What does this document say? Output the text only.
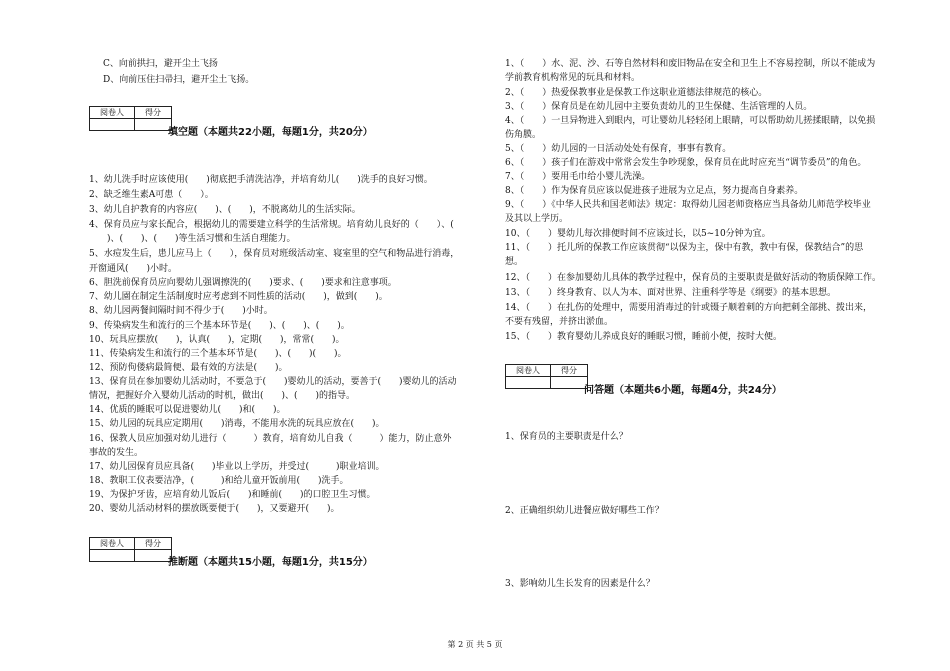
C、向前拱扫，避开尘土飞扬
D、向前压住扫帚扫，避开尘土飞扬。
阅卷人	得分

填空题（本题共22小题，每题1分，共20分）
1、幼儿洗手时应该使用(　　)彻底把手清洗洁净，并培育幼儿(　　)洗手的良好习惯。
2、缺乏维生素A可患（　　）。
3、幼儿自护教育的内容应(　　)、(　　)，不脱离幼儿的生活实际。
4、保育员应与家长配合，根据幼儿的需要建立科学的生活常规。培育幼儿良好的（　　）、(
　　)、(　　)、(　　)等生活习惯和生活自理能力。
5、水痘发生后，患儿应马上（　　），保育员对班级活动室、寝室里的空气和物品进行消毒，
开窗通风(　　)小时。
6、胆洗前保育员应向婴幼儿强调擦洗的(　　)要求、(　　)要求和注意事项。
7、幼儿園在制定生活制度时应考虑到不同性质的活动(　　)，做到(　　)。
8、幼儿园两餐间隔时间不得少于(　　)小时。
9、传染病发生和流行的三个基本环节是(　　)、(　　)、(　　)。
10、玩具应摆放(　　)，认真(　　)，定期(　　)，常常(　　)。
11、传染病发生和流行的三个基本环节是(　　)、(　　)(　　)。
12、预防佝偻病最简便、最有效的方法是(　　)。
13、保育员在参加婴幼儿活动时，不要急于(　　)婴幼儿的活动，要善于(　　)婴幼儿的活动
情况，把握好介入婴幼儿活动的时机，做出(　　)、(　　)的指导。
14、优质的睡眠可以促进婴幼儿(　　)和(　　)。
15、幼儿园的玩具应定期用(　　)消毒，不能用水洗的玩具应放在(　　)。
16、保教人员应加强对幼儿进行（　　　）教育，培育幼儿自我（　　　）能力，防止意外
事故的发生。
17、幼儿园保育员应具备(　　)毕业以上学历，并受过(　　　)职业培训。
18、教职工仪表要洁净，(　　　)和给儿童开饭前用(　　)洗手。
19、为保护牙齿，应培育幼儿饭后(　　)和睡前(　　)的口腔卫生习惯。
20、婴幼儿活动材料的摆放既要便于(　　)，又要避开(　　)。
阅卷人	得分

推断题（本题共15小题，每题1分，共15分）
1、（　　）水、泥、沙、石等自然材料和废旧物品在安全和卫生上不容易控制，所以不能成为
学前教育机构常见的玩具和材料。
2、（　　）热爱保教事业是保教工作这职业道德法律规范的核心。
3、（　　）保育员是在幼儿园中主要负责幼儿的卫生保健、生活管理的人员。
4、（　　）一旦异物进入到眼内，可让婴幼儿轻轻闭上眼睛，可以帮助幼儿搓揉眼睛，以免损
伤角膜。
5、（　　）幼儿园的一日活动处处有保育，事事有教育。
6、（　　）孩子们在游戏中常常会发生争吵现象，保育员在此时应充当“调节委员”的角色。
7、（　　）要用毛巾给小婴儿洗澡。
8、（　　）作为保育员应该以促进孩子进展为立足点，努力提高自身素养。
9、（　　）《中华人民共和国老师法》规定：取得幼儿园老师资格应当具备幼儿师范学校毕业
及其以上学历。
10、（　　）婴幼儿每次排便时间不应该过长，以5~10分钟为宜。
11、（　　）托儿所的保教工作应该贯彻“以保为主，保中有教，教中有保，保教结合”的思
想。
12、（　　）在参加婴幼儿具体的教学过程中，保育员的主要职责是做好活动的物质保障工作。
13、（　　）终身教育、以人为本、面对世界、注重科学等是《纲要》的基本思想。
14、（　　）在扎伤的处理中，需要用消毒过的针或镊子顺着刺的方向把刺全部挑、拨出来，
不要有残留，并挤出淤血。
15、（　　）教育婴幼儿养成良好的睡眠习惯，睡前小便，按时大便。
阅卷人	得分

问答题（本题共6小题，每题4分，共24分）
1、保育员的主要职责是什么？
2、正确组织幼儿进餐应做好哪些工作？
3、影响幼儿生长发育的因素是什么？
第 2 页 共 5 页
